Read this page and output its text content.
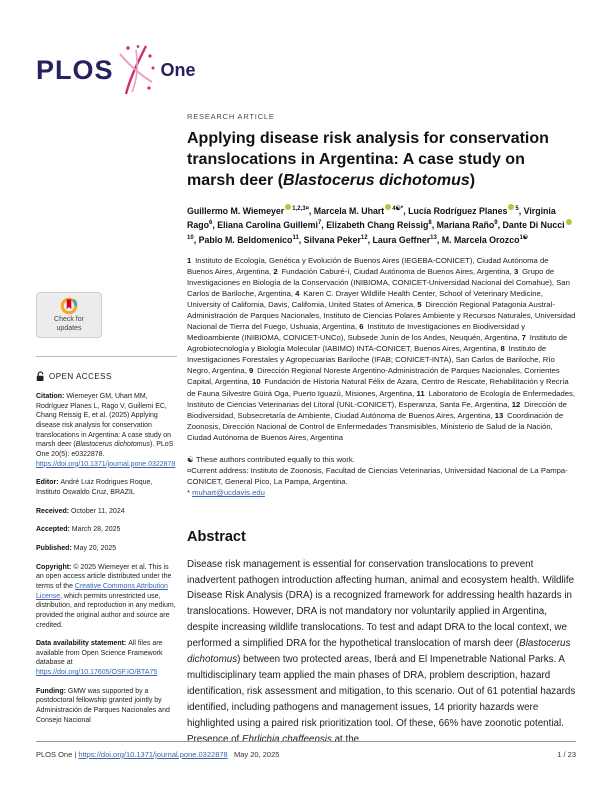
PLOS	One
Check for
updates
OPEN ACCESS

Citation: Wiemeyer GM, Uhart MM, Rodríguez Planes L, Rago V, Guillemi EC, Chang Reissig E, et al. (2025) Applying disease risk analysis for conservation translocations in Argentina: A case study on marsh deer (Blastocerus dichotomus). PLoS One 20(5): e0322878. https://doi.org/10.1371/journal.pone.0322878

Editor: André Luiz Rodrigues Roque, Instituto Oswaldo Cruz, BRAZIL

Received: October 11, 2024

Accepted: March 28, 2025

Published: May 20, 2025

Copyright: © 2025 Wiemeyer et al. This is an open access article distributed under the terms of the Creative Commons Attribution License, which permits unrestricted use, distribution, and reproduction in any medium, provided the original author and source are credited.

Data availability statement: All files are available from Open Science Framework database at https://doi.org/10.17605/OSF.IO/BTA75

Funding: GMW was supported by a postdoctoral fellowship granted jointly by Administración de Parques Nacionales and Consejo Nacional

RESEARCH ARTICLE

Applying disease risk analysis for conservation translocations in Argentina: A case study on marsh deer (Blastocerus dichotomus)

Guillermo M. Wiemeyer $^{1,2,3¤}$, Marcela M. Uhart $^{4☯*}$, Lucía Rodríguez Planes $^5$, Virginia Rago$^6$, Eliana Carolina Guillemi$^7$, Elizabeth Chang Reissig$^8$, Mariana Raño$^9$, Dante Di Nucci$^{10}$, Pablo M. Beldomenico$^{11}$, Silvana Peker$^{12}$, Laura Geffner$^{13}$, M. Marcela Orozco$^{1☯}$

1 Instituto de Ecología, Genética y Evolución de Buenos Aires (IEGEBA-CONICET), Ciudad Autónoma de Buenos Aires, Argentina, 2 Fundación Caburé-í, Ciudad Autónoma de Buenos Aires, Argentina, 3 Grupo de Investigaciones en Biología de la Conservación (INIBIOMA, CONICET-Universidad Nacional del Comahue), San Carlos de Bariloche, Argentina, 4 Karen C. Drayer Wildlife Health Center, School of Veterinary Medicine, University of California, Davis, California, United States of America, 5 Dirección Regional Patagonia Austral-Administración de Parques Nacionales, Instituto de Ciencias Polares Ambiente y Recursos Naturales, Universidad Nacional de Tierra del Fuego, Ushuaia, Argentina, 6 Instituto de Investigaciones en Biodiversidad y Medioambiente (INIBIOMA, CONICET-UNCo), Subsede Junín de los Andes, Neuquén, Argentina, 7 Instituto de Agrobiotecnología y Biología Molecular (IABIMO) INTA-CONICET, Buenos Aires, Argentina, 8 Instituto de Investigaciones Forestales y Agropecuarias Bariloche (IFAB; CONICET-INTA), San Carlos de Bariloche, Río Negro, Argentina, 9 Dirección Regional Noreste Argentino-Administración de Parques Nacionales, Corrientes Capital, Argentina, 10 Fundación de Historia Natural Félix de Azara, Centro de Rescate, Rehabilitación y Recría de Fauna Silvestre Güirá Oga, Puerto Iguazú, Misiones, Argentina, 11 Laboratorio de Ecología de Enfermedades, Instituto de Ciencias Veterinarias del Litoral (UNL-CONICET), Esperanza, Santa Fe, Argentina, 12 Dirección de Biodiversidad, Subsecretaría de Ambiente, Ciudad Autónoma de Buenos Aires, Argentina, 13 Coordinación de Zoonosis, Dirección Nacional de Control de Enfermedades Transmisibles, Ministerio de Salud de la Nación, Ciudad Autónoma de Buenos Aires, Argentina

☯ These authors contributed equally to this work.

¤Current address: Instituto de Zoonosis, Facultad de Ciencias Veterinarias, Universidad Nacional de La Pampa-CONICET, General Pico, La Pampa, Argentina.

* muhart@ucdavis.edu

Abstract

Disease risk management is essential for conservation translocations to prevent inadvertent pathogen introduction affecting human, animal and ecosystem health. Wildlife Disease Risk Analysis (DRA) is a recognized framework for addressing health hazards in translocations. However, DRA is not mandatory nor voluntarily applied in Argentina, despite increasing wildlife translocations. To test and adapt DRA to the local context, we performed a simplified DRA for the hypothetical translocation of marsh deer (Blastocerus dichotomus) between two protected areas, Iberá and El Impenetrable National Parks. A multidisciplinary team applied the main phases of DRA, problem description, hazard identification, risk assessment and mitigation, to this scenario. Out of 61 potential hazards identified, including pathogens and management issues, 14 priority hazards were highlighted using a paired risk prioritization tool. Of these, 66% have zoonotic potential. Presence of Ehrlichia chaffeensis at the

PLOS One | https://doi.org/10.1371/journal.pone.0322878 May 20, 2025	1 / 23
